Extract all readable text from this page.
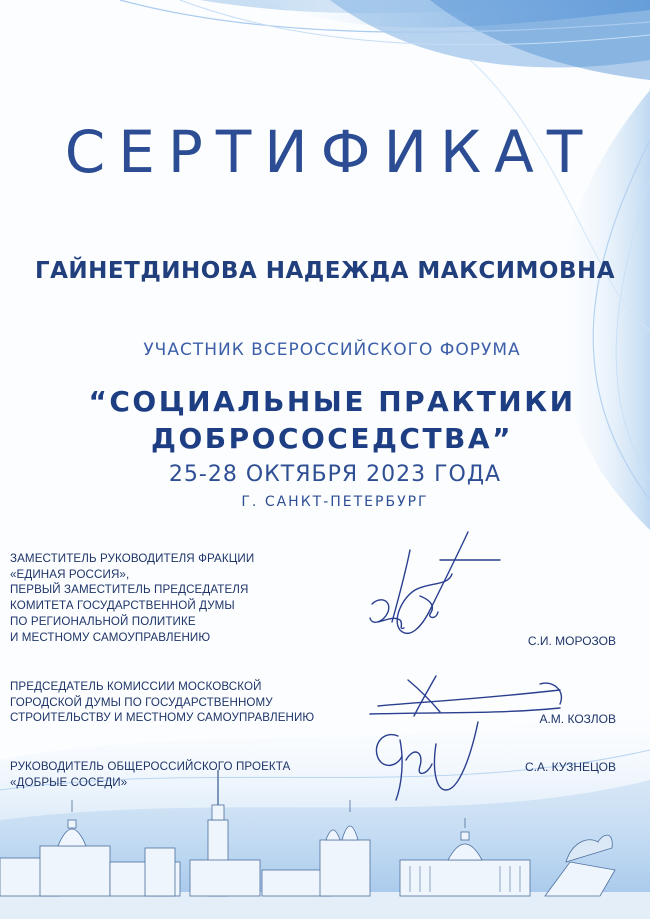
СЕРТИФИКАТ
ГАЙНЕТДИНОВА НАДЕЖДА МАКСИМОВНА
УЧАСТНИК ВСЕРОССИЙСКОГО ФОРУМА
“СОЦИАЛЬНЫЕ ПРАКТИКИ
ДОБРОСОСЕДСТВА”
25-28 ОКТЯБРЯ 2023 ГОДА
Г. САНКТ-ПЕТЕРБУРГ
ЗАМЕСТИТЕЛЬ РУКОВОДИТЕЛЯ ФРАКЦИИ
«ЕДИНАЯ РОССИЯ»,
ПЕРВЫЙ ЗАМЕСТИТЕЛЬ ПРЕДСЕДАТЕЛЯ
КОМИТЕТА ГОСУДАРСТВЕННОЙ ДУМЫ
ПО РЕГИОНАЛЬНОЙ ПОЛИТИКЕ
И МЕСТНОМУ САМОУПРАВЛЕНИЮ	С.И. МОРОЗОВ
ПРЕДСЕДАТЕЛЬ КОМИССИИ МОСКОВСКОЙ
ГОРОДСКОЙ ДУМЫ ПО ГОСУДАРСТВЕННОМУ
СТРОИТЕЛЬСТВУ И МЕСТНОМУ САМОУПРАВЛЕНИЮ	А.М. КОЗЛОВ
РУКОВОДИТЕЛЬ ОБЩЕРОССИЙСКОГО ПРОЕКТА
«ДОБРЫЕ СОСЕДИ»
С.А. КУЗНЕЦОВ
